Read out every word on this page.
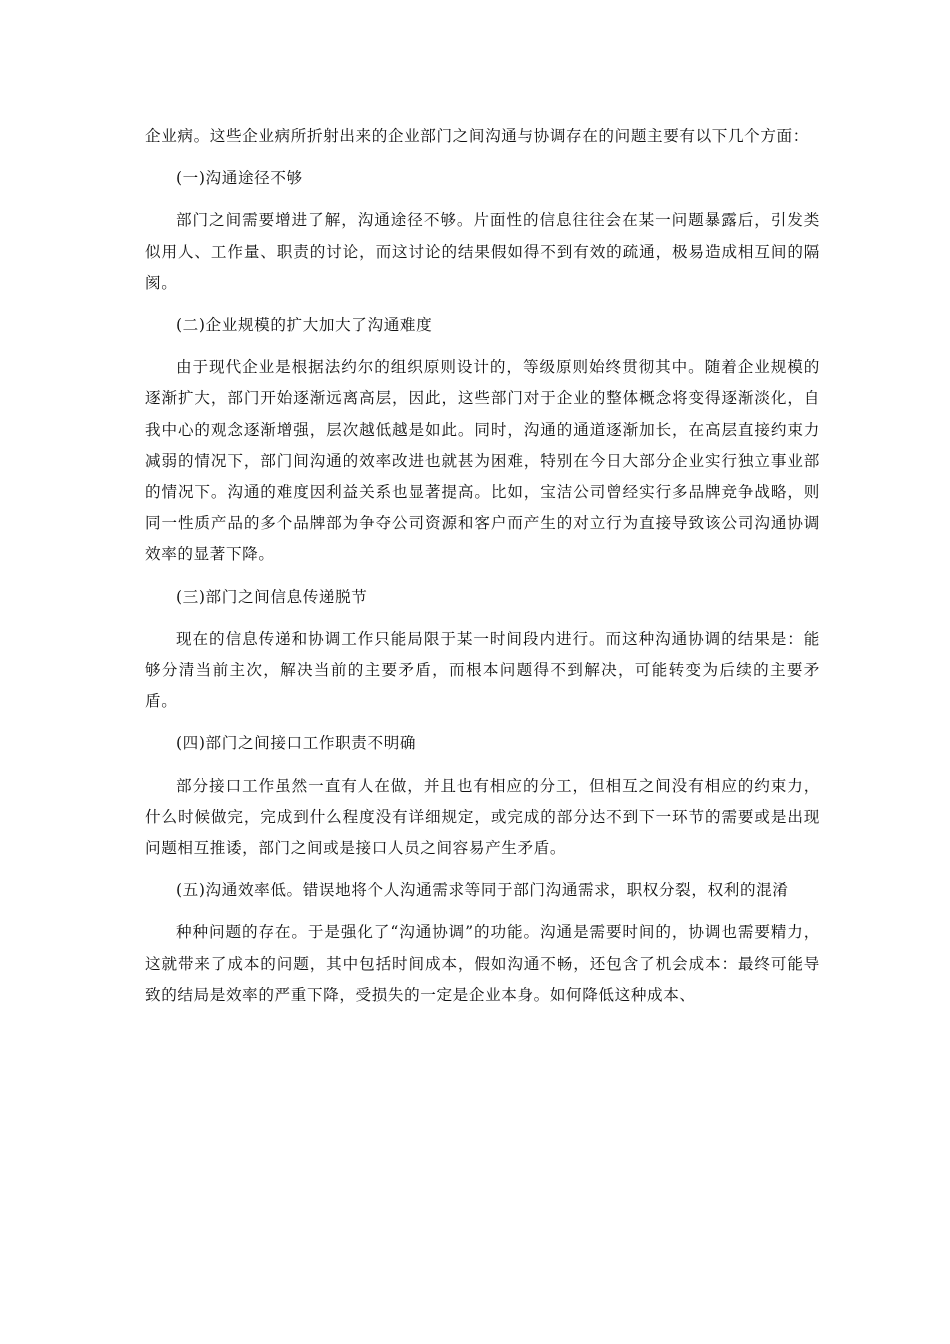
企业病。这些企业病所折射出来的企业部门之间沟通与协调存在的问题主要有以下几个方面：

(一)沟通途径不够

部门之间需要增进了解，沟通途径不够。片面性的信息往往会在某一问题暴露后，引发类似用人、工作量、职责的讨论，而这讨论的结果假如得不到有效的疏通，极易造成相互间的隔阂。

(二)企业规模的扩大加大了沟通难度

由于现代企业是根据法约尔的组织原则设计的，等级原则始终贯彻其中。随着企业规模的逐渐扩大，部门开始逐渐远离高层，因此，这些部门对于企业的整体概念将变得逐渐淡化，自我中心的观念逐渐增强，层次越低越是如此。同时，沟通的通道逐渐加长，在高层直接约束力减弱的情况下，部门间沟通的效率改进也就甚为困难，特别在今日大部分企业实行独立事业部的情况下。沟通的难度因利益关系也显著提高。比如，宝洁公司曾经实行多品牌竞争战略，则同一性质产品的多个品牌部为争夺公司资源和客户而产生的对立行为直接导致该公司沟通协调效率的显著下降。

(三)部门之间信息传递脱节

现在的信息传递和协调工作只能局限于某一时间段内进行。而这种沟通协调的结果是：能够分清当前主次，解决当前的主要矛盾，而根本问题得不到解决，可能转变为后续的主要矛盾。

(四)部门之间接口工作职责不明确

部分接口工作虽然一直有人在做，并且也有相应的分工，但相互之间没有相应的约束力，什么时候做完，完成到什么程度没有详细规定，或完成的部分达不到下一环节的需要或是出现问题相互推诿，部门之间或是接口人员之间容易产生矛盾。

(五)沟通效率低。错误地将个人沟通需求等同于部门沟通需求，职权分裂，权利的混淆

种种问题的存在。于是强化了“沟通协调”的功能。沟通是需要时间的，协调也需要精力，这就带来了成本的问题，其中包括时间成本，假如沟通不畅，还包含了机会成本：最终可能导致的结局是效率的严重下降，受损失的一定是企业本身。如何降低这种成本、
